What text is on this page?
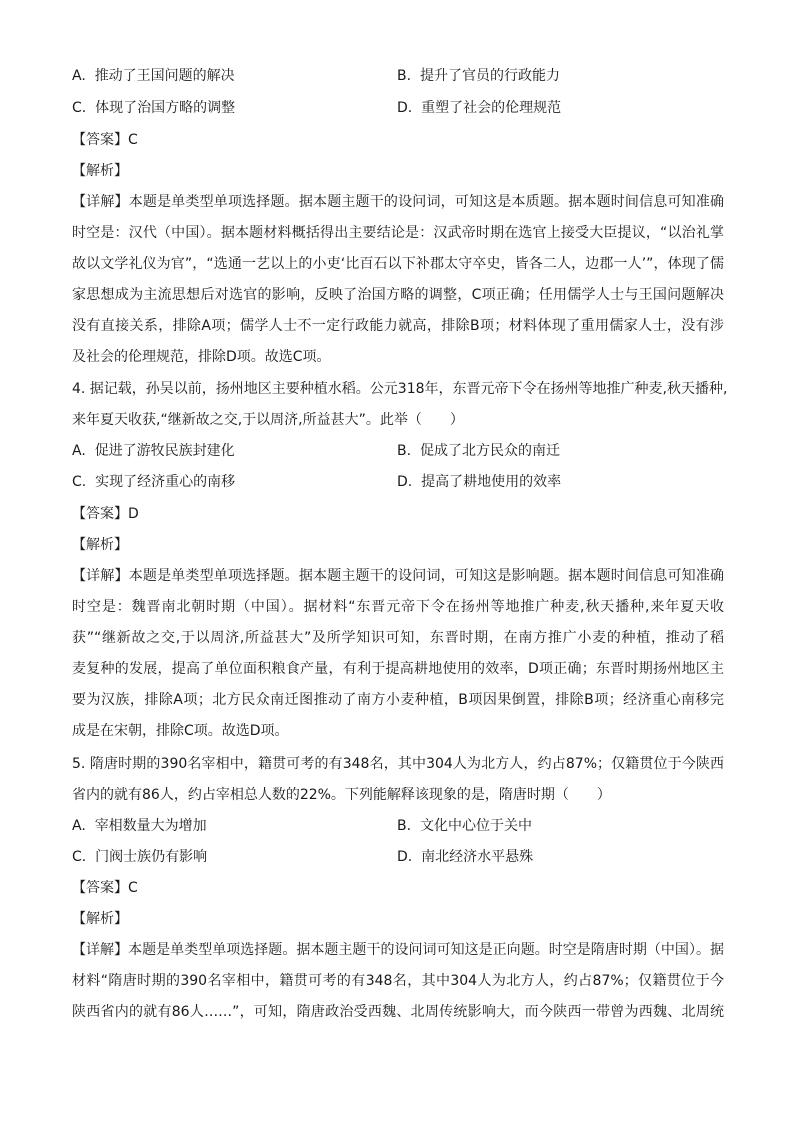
A. 推动了王国问题的解决	B. 提升了官员的行政能力
C. 体现了治国方略的调整	D. 重塑了社会的伦理规范
【答案】C
【解析】
【详解】本题是单类型单项选择题。据本题主题干的设问词，可知这是本质题。据本题时间信息可知准确
时空是：汉代（中国）。据本题材料概括得出主要结论是：汉武帝时期在选官上接受大臣提议，“以治礼掌
故以文学礼仪为官”，“选通一艺以上的小吏‘比百石以下补郡太守卒史，皆各二人，边郡一人’”，体现了儒
家思想成为主流思想后对选官的影响，反映了治国方略的调整，C项正确；任用儒学人士与王国问题解决
没有直接关系，排除A项；儒学人士不一定行政能力就高，排除B项；材料体现了重用儒家人士，没有涉
及社会的伦理规范，排除D项。故选C项。
4. 据记载，孙吴以前，扬州地区主要种植水稻。公元318年，东晋元帝下令在扬州等地推广种麦,秋天播种,
来年夏天收获,“继新故之交,于以周济,所益甚大”。此举（　　）
A. 促进了游牧民族封建化	B. 促成了北方民众的南迁
C. 实现了经济重心的南移	D. 提高了耕地使用的效率
【答案】D
【解析】
【详解】本题是单类型单项选择题。据本题主题干的设问词，可知这是影响题。据本题时间信息可知准确
时空是：魏晋南北朝时期（中国）。据材料“东晋元帝下令在扬州等地推广种麦,秋天播种,来年夏天收
获”“继新故之交,于以周济,所益甚大”及所学知识可知，东晋时期，在南方推广小麦的种植，推动了稻
麦复种的发展，提高了单位面积粮食产量，有利于提高耕地使用的效率，D项正确；东晋时期扬州地区主
要为汉族，排除A项；北方民众南迁图推动了南方小麦种植，B项因果倒置，排除B项；经济重心南移完
成是在宋朝，排除C项。故选D项。
5. 隋唐时期的390名宰相中，籍贯可考的有348名，其中304人为北方人，约占87%；仅籍贯位于今陕西
省内的就有86人，约占宰相总人数的22%。下列能解释该现象的是，隋唐时期（　　）
A. 宰相数量大为增加	B. 文化中心位于关中
C. 门阀士族仍有影响	D. 南北经济水平悬殊
【答案】C
【解析】
【详解】本题是单类型单项选择题。据本题主题干的设问词可知这是正向题。时空是隋唐时期（中国）。据
材料“隋唐时期的390名宰相中，籍贯可考的有348名，其中304人为北方人，约占87%；仅籍贯位于今
陕西省内的就有86人……”，可知，隋唐政治受西魏、北周传统影响大，而今陕西一带曾为西魏、北周统
